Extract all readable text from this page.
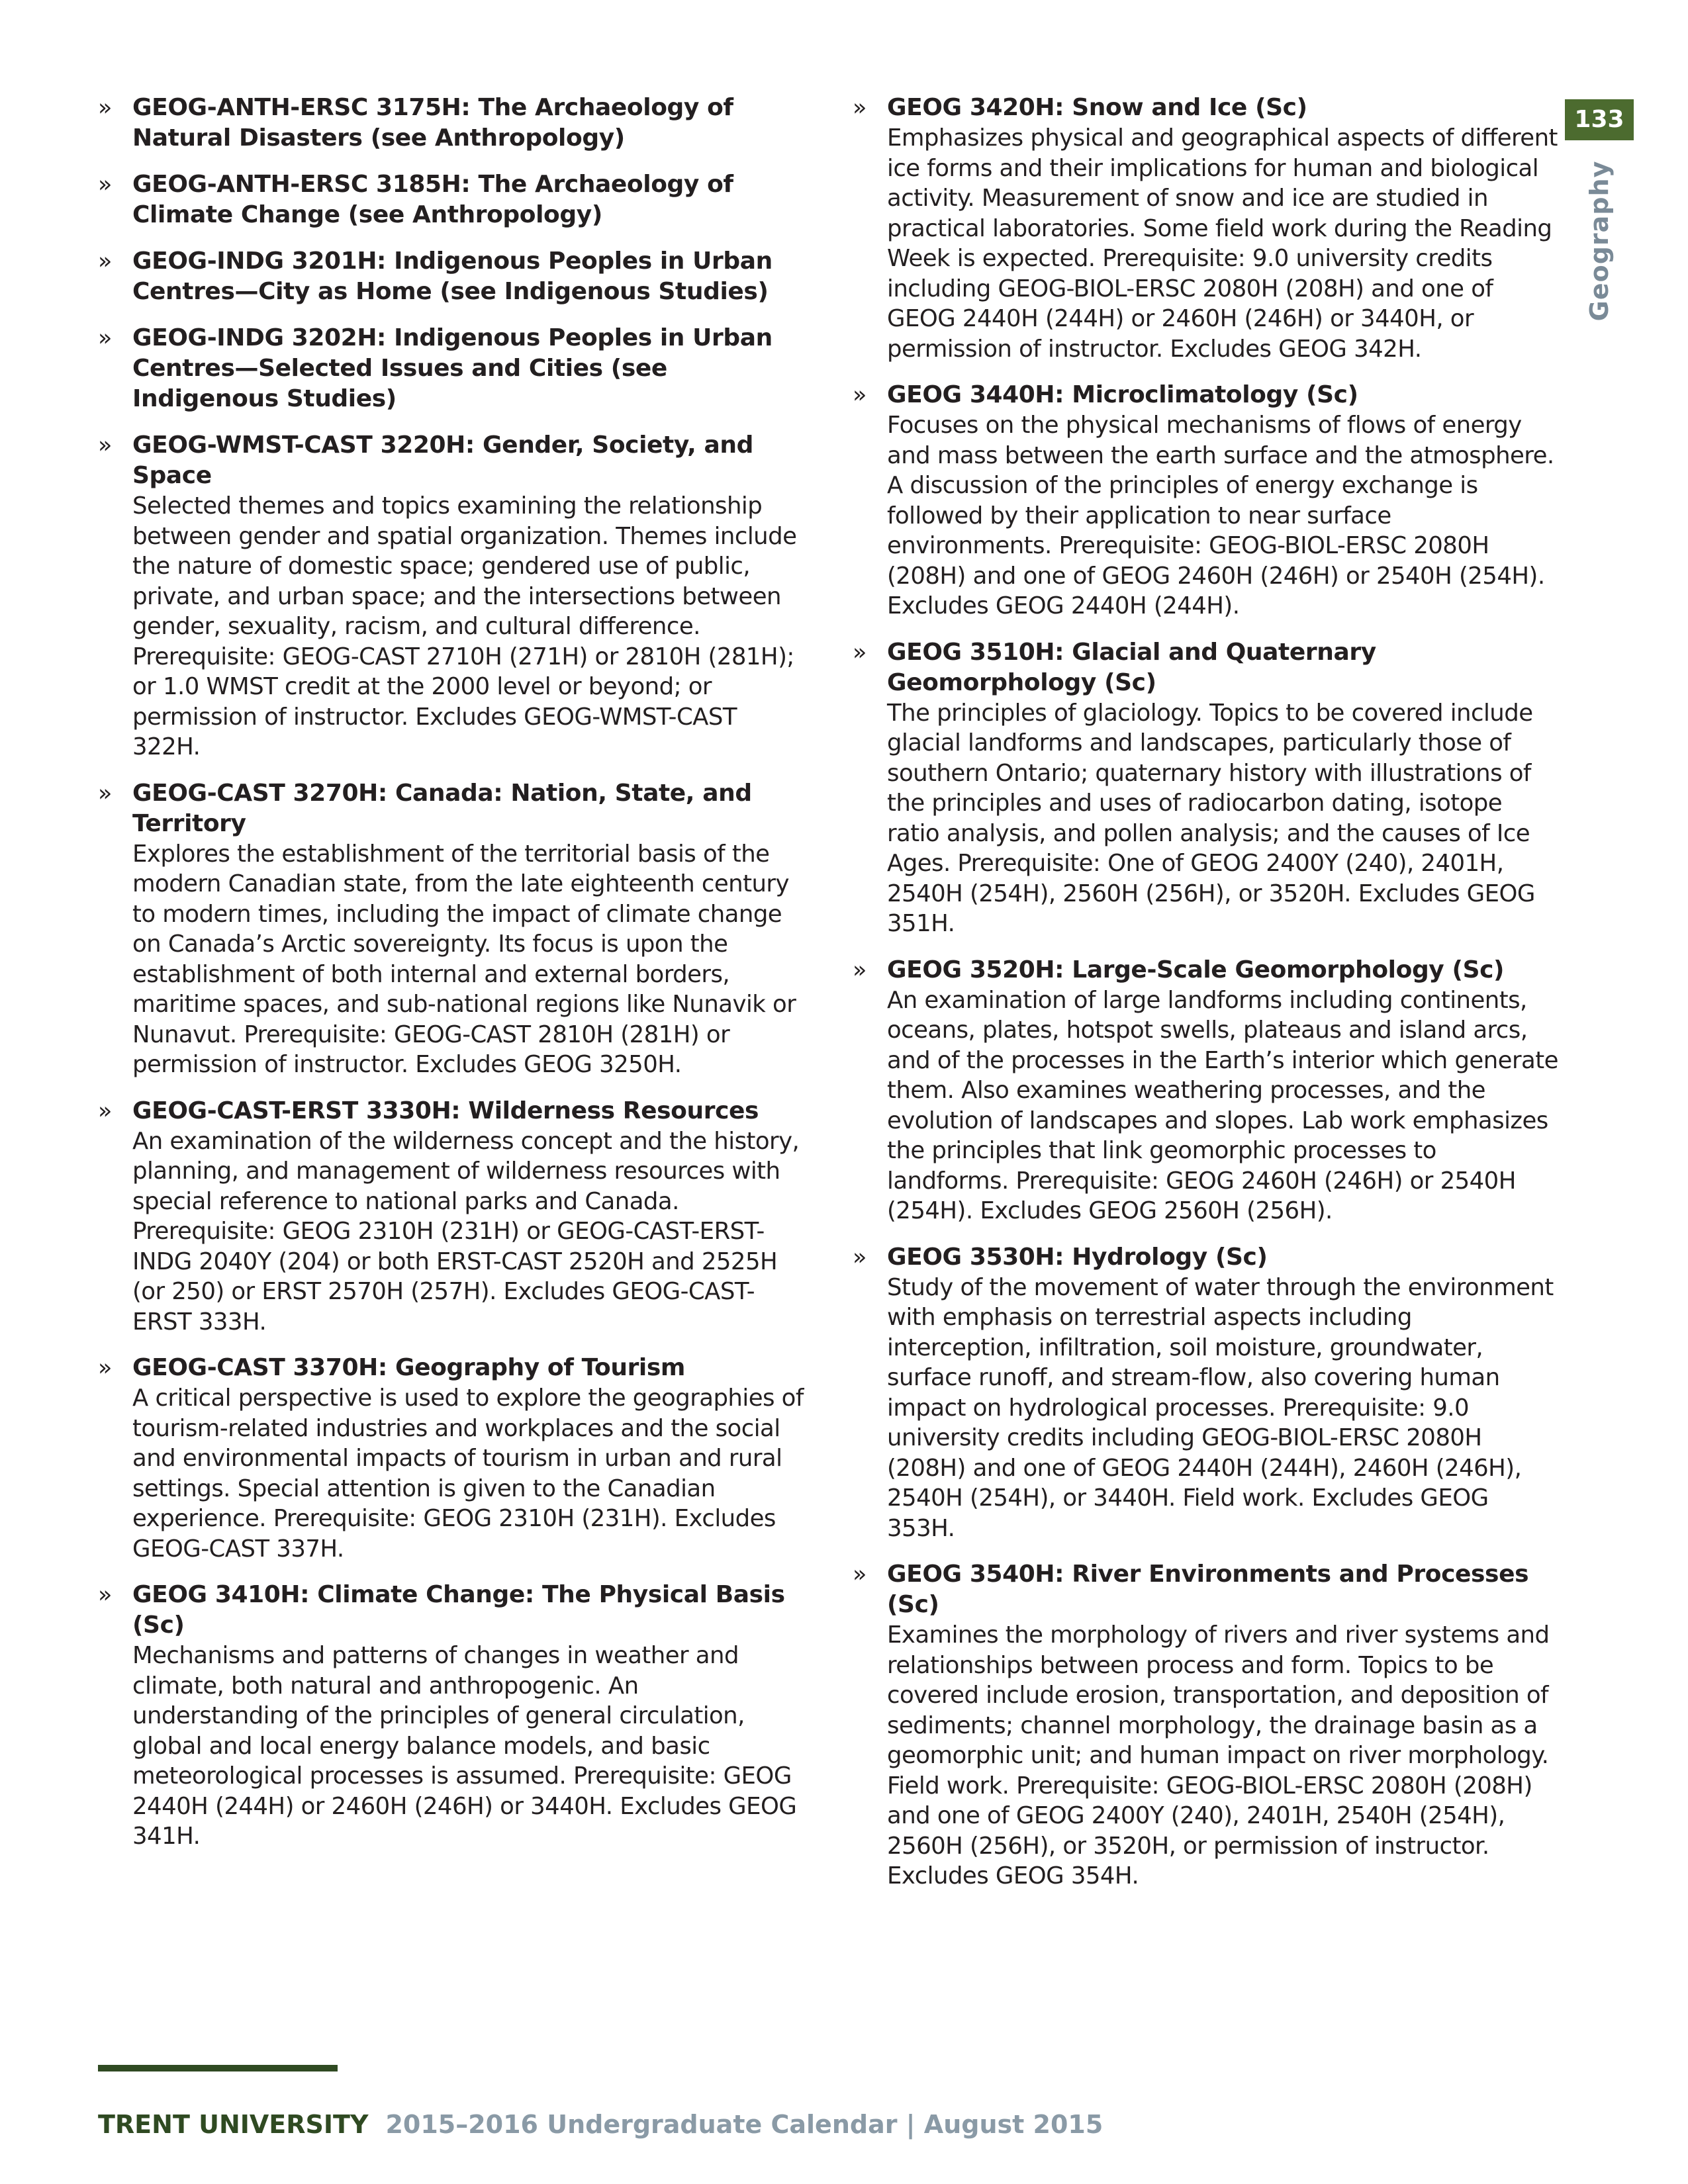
» GEOG-ANTH-ERSC 3175H: The Archaeology of Natural Disasters (see Anthropology)

» GEOG-ANTH-ERSC 3185H: The Archaeology of Climate Change (see Anthropology)

» GEOG-INDG 3201H: Indigenous Peoples in Urban Centres—City as Home (see Indigenous Studies)

» GEOG-INDG 3202H: Indigenous Peoples in Urban Centres—Selected Issues and Cities (see Indigenous Studies)

» GEOG-WMST-CAST 3220H: Gender, Society, and Space

Selected themes and topics examining the relationship between gender and spatial organization. Themes include the nature of domestic space; gendered use of public, private, and urban space; and the intersections between gender, sexuality, racism, and cultural difference. Prerequisite: GEOG-CAST 2710H (271H) or 2810H (281H); or 1.0 WMST credit at the 2000 level or beyond; or permission of instructor. Excludes GEOG-WMST-CAST 322H.

» GEOG-CAST 3270H: Canada: Nation, State, and Territory

Explores the establishment of the territorial basis of the modern Canadian state, from the late eighteenth century to modern times, including the impact of climate change on Canada’s Arctic sovereignty. Its focus is upon the establishment of both internal and external borders, maritime spaces, and sub-national regions like Nunavik or Nunavut. Prerequisite: GEOG-CAST 2810H (281H) or permission of instructor. Excludes GEOG 3250H.

» GEOG-CAST-ERST 3330H: Wilderness Resources

An examination of the wilderness concept and the history, planning, and management of wilderness resources with special reference to national parks and Canada. Prerequisite: GEOG 2310H (231H) or GEOG-CAST-ERST-INDG 2040Y (204) or both ERST-CAST 2520H and 2525H (or 250) or ERST 2570H (257H). Excludes GEOG-CAST-ERST 333H.

» GEOG-CAST 3370H: Geography of Tourism

A critical perspective is used to explore the geographies of tourism-related industries and workplaces and the social and environmental impacts of tourism in urban and rural settings. Special attention is given to the Canadian experience. Prerequisite: GEOG 2310H (231H). Excludes GEOG-CAST 337H.

» GEOG 3410H: Climate Change: The Physical Basis (Sc)

Mechanisms and patterns of changes in weather and climate, both natural and anthropogenic. An understanding of the principles of general circulation, global and local energy balance models, and basic meteorological processes is assumed. Prerequisite: GEOG 2440H (244H) or 2460H (246H) or 3440H. Excludes GEOG 341H.

» GEOG 3420H: Snow and Ice (Sc)

Emphasizes physical and geographical aspects of different ice forms and their implications for human and biological activity. Measurement of snow and ice are studied in practical laboratories. Some field work during the Reading Week is expected. Prerequisite: 9.0 university credits including GEOG-BIOL-ERSC 2080H (208H) and one of GEOG 2440H (244H) or 2460H (246H) or 3440H, or permission of instructor. Excludes GEOG 342H.

» GEOG 3440H: Microclimatology (Sc)

Focuses on the physical mechanisms of flows of energy and mass between the earth surface and the atmosphere. A discussion of the principles of energy exchange is followed by their application to near surface environments. Prerequisite: GEOG-BIOL-ERSC 2080H (208H) and one of GEOG 2460H (246H) or 2540H (254H). Excludes GEOG 2440H (244H).

» GEOG 3510H: Glacial and Quaternary Geomorphology (Sc)

The principles of glaciology. Topics to be covered include glacial landforms and landscapes, particularly those of southern Ontario; quaternary history with illustrations of the principles and uses of radiocarbon dating, isotope ratio analysis, and pollen analysis; and the causes of Ice Ages. Prerequisite: One of GEOG 2400Y (240), 2401H, 2540H (254H), 2560H (256H), or 3520H. Excludes GEOG 351H.

» GEOG 3520H: Large-Scale Geomorphology (Sc)

An examination of large landforms including continents, oceans, plates, hotspot swells, plateaus and island arcs, and of the processes in the Earth’s interior which generate them. Also examines weathering processes, and the evolution of landscapes and slopes. Lab work emphasizes the principles that link geomorphic processes to landforms. Prerequisite: GEOG 2460H (246H) or 2540H (254H). Excludes GEOG 2560H (256H).

» GEOG 3530H: Hydrology (Sc)

Study of the movement of water through the environment with emphasis on terrestrial aspects including interception, infiltration, soil moisture, groundwater, surface runoff, and stream-flow, also covering human impact on hydrological processes. Prerequisite: 9.0 university credits including GEOG-BIOL-ERSC 2080H (208H) and one of GEOG 2440H (244H), 2460H (246H), 2540H (254H), or 3440H. Field work. Excludes GEOG 353H.

» GEOG 3540H: River Environments and Processes (Sc)

Examines the morphology of rivers and river systems and relationships between process and form. Topics to be covered include erosion, transportation, and deposition of sediments; channel morphology, the drainage basin as a geomorphic unit; and human impact on river morphology. Field work. Prerequisite: GEOG-BIOL-ERSC 2080H (208H) and one of GEOG 2400Y (240), 2401H, 2540H (254H), 2560H (256H), or 3520H, or permission of instructor. Excludes GEOG 354H.

133
Geography
TRENT UNIVERSITY 2015–2016 Undergraduate Calendar | August 2015
